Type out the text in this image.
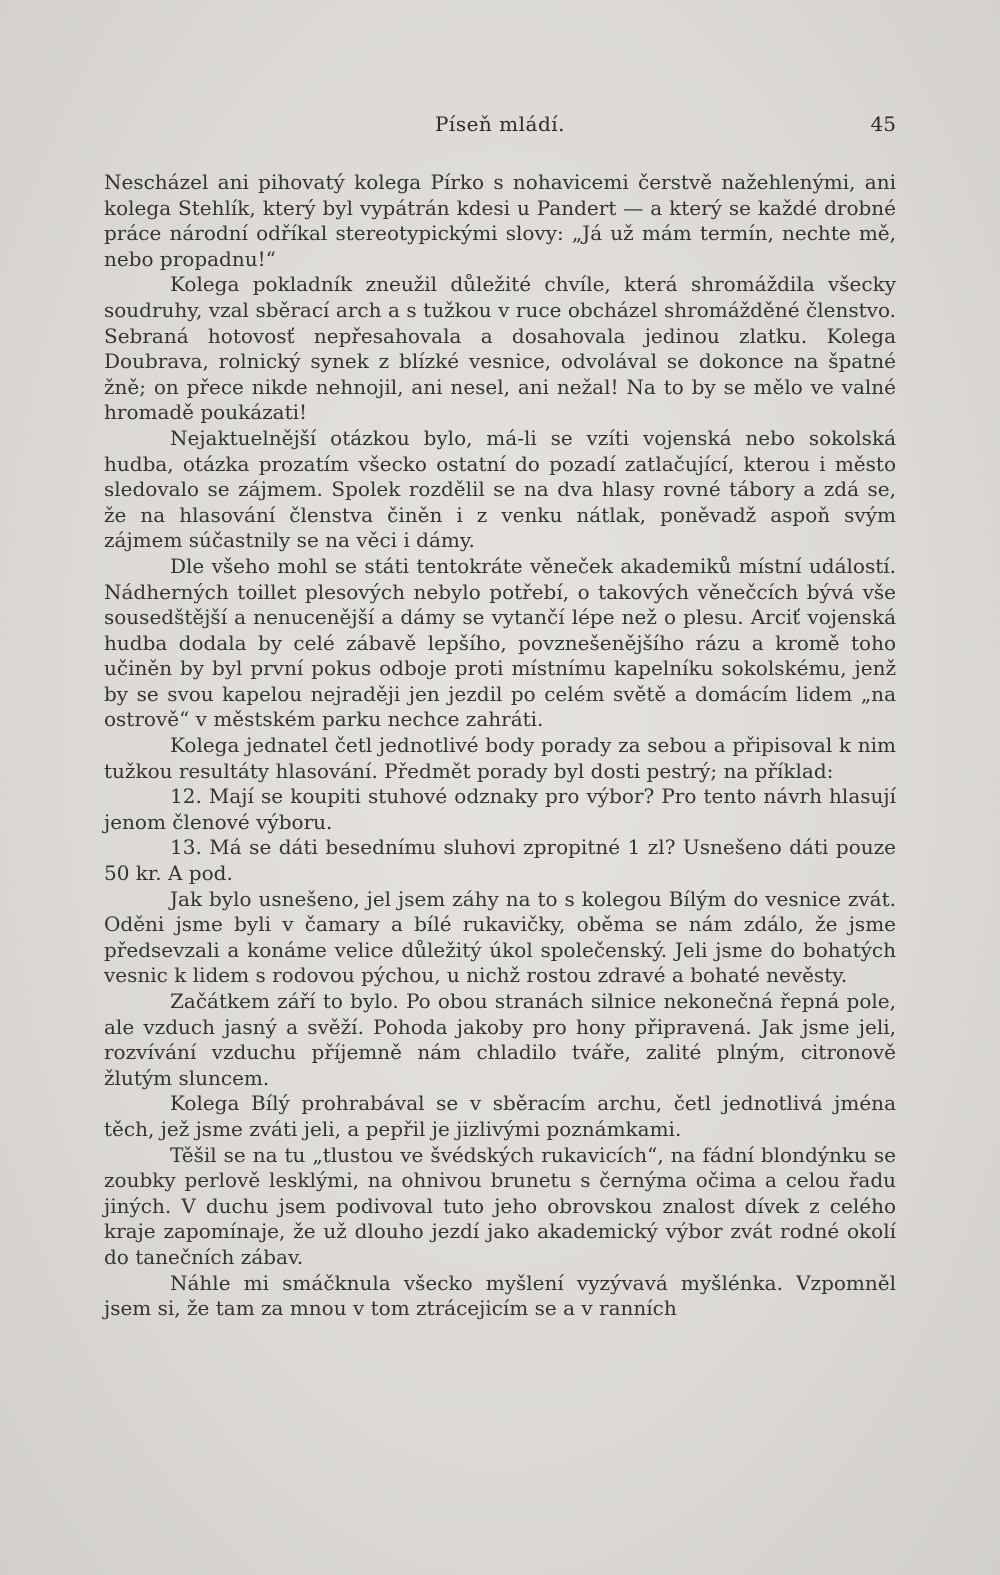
Píseň mládí.	45

Nescházel ani pihovatý kolega Pírko s nohavicemi čerstvě nažehlenými, ani kolega Stehlík, který byl vypátrán kdesi u Pandert — a který se každé drobné práce národní odříkal stereotypickými slovy: „Já už mám termín, nechte mě, nebo propadnu!“

Kolega pokladník zneužil důležité chvíle, která shromáždila všecky soudruhy, vzal sběrací arch a s tužkou v ruce obcházel shromážděné členstvo. Sebraná hotovosť nepřesahovala a dosahovala jedinou zlatku. Kolega Doubrava, rolnický synek z blízké vesnice, odvolával se dokonce na špatné žně; on přece nikde nehnojil, ani nesel, ani nežal! Na to by se mělo ve valné hromadě poukázati!

Nejaktuelnější otázkou bylo, má-li se vzíti vojenská nebo sokolská hudba, otázka prozatím všecko ostatní do pozadí zatlačující, kterou i město sledovalo se zájmem. Spolek rozdělil se na dva hlasy rovné tábory a zdá se, že na hlasování členstva činěn i z venku nátlak, poněvadž aspoň svým zájmem súčastnily se na věci i dámy.

Dle všeho mohl se státi tentokráte věneček akademiků místní událostí. Nádherných toillet plesových nebylo potřebí, o takových věnečcích bývá vše sousedštější a nenucenější a dámy se vytančí lépe než o plesu. Arciť vojenská hudba dodala by celé zábavě lepšího, povznešenějšího rázu a kromě toho učiněn by byl první pokus odboje proti místnímu kapelníku sokolskému, jenž by se svou kapelou nejraději jen jezdil po celém světě a domácím lidem „na ostrově“ v městském parku nechce zahráti.

Kolega jednatel četl jednotlivé body porady za sebou a připisoval k nim tužkou resultáty hlasování. Předmět porady byl dosti pestrý; na příklad:

12. Mají se koupiti stuhové odznaky pro výbor? Pro tento návrh hlasují jenom členové výboru.

13. Má se dáti besednímu sluhovi zpropitné 1 zl? Usnešeno dáti pouze 50 kr. A pod.

Jak bylo usnešeno, jel jsem záhy na to s kolegou Bílým do vesnice zvát. Oděni jsme byli v čamary a bílé rukavičky, oběma se nám zdálo, že jsme předsevzali a konáme velice důležitý úkol společenský. Jeli jsme do bohatých vesnic k lidem s rodovou pýchou, u nichž rostou zdravé a bohaté nevěsty.

Začátkem září to bylo. Po obou stranách silnice nekonečná řepná pole, ale vzduch jasný a svěží. Pohoda jakoby pro hony připravená. Jak jsme jeli, rozvívání vzduchu příjemně nám chladilo tváře, zalité plným, citronově žlutým sluncem.

Kolega Bílý prohrabával se v sběracím archu, četl jednotlivá jména těch, jež jsme zváti jeli, a pepřil je jizlivými poznámkami.

Těšil se na tu „tlustou ve švédských rukavicích“, na fádní blondýnku se zoubky perlově lesklými, na ohnivou brunetu s černýma očima a celou řadu jiných. V duchu jsem podivoval tuto jeho obrovskou znalost dívek z celého kraje zapomínaje, že už dlouho jezdí jako akademický výbor zvát rodné okolí do tanečních zábav.

Náhle mi smáčknula všecko myšlení vyzývavá myšlénka. Vzpomněl jsem si, že tam za mnou v tom ztrácejicím se a v ranních
